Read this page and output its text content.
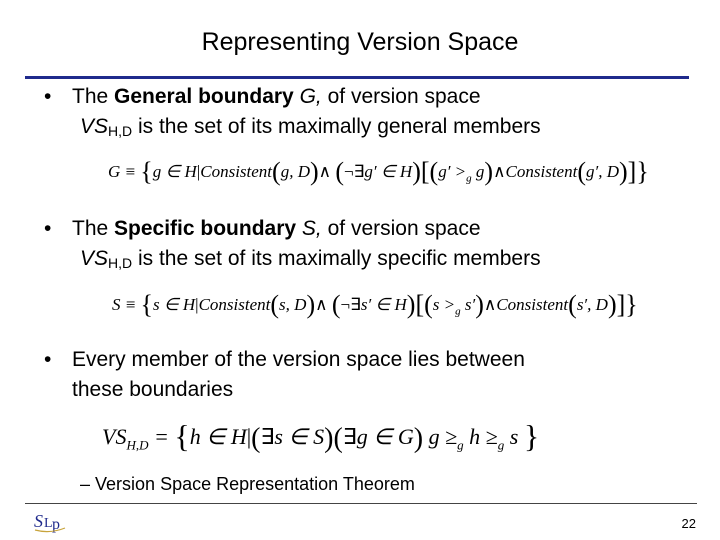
Representing Version Space
• The General boundary G, of version space
$VS_{H,D}$ is the set of its maximally general members
G ≡ {g ∈ H|Consistent(g, D)∧ (¬∃g′ ∈ $H)[(g' >_g$ g)∧Consistent(g′, D)]}
• The Specific boundary S, of version space
$VS_{H,D}$ is the set of its maximally specific members
S ≡ {s ∈ H|Consistent(s, D)∧ (¬∃s′ ∈ $H)[(s >_g$ s′)∧Consistent(s′, D)]}
• Every member of the version space lies between
these boundaries
$VS_{H,D} = \{h$ ∈ H|(∃s ∈ S)(∃g ∈ G) $g \ge_g$ $h \ge_g$ s }
– Version Space Representation Theorem
S L p	22
